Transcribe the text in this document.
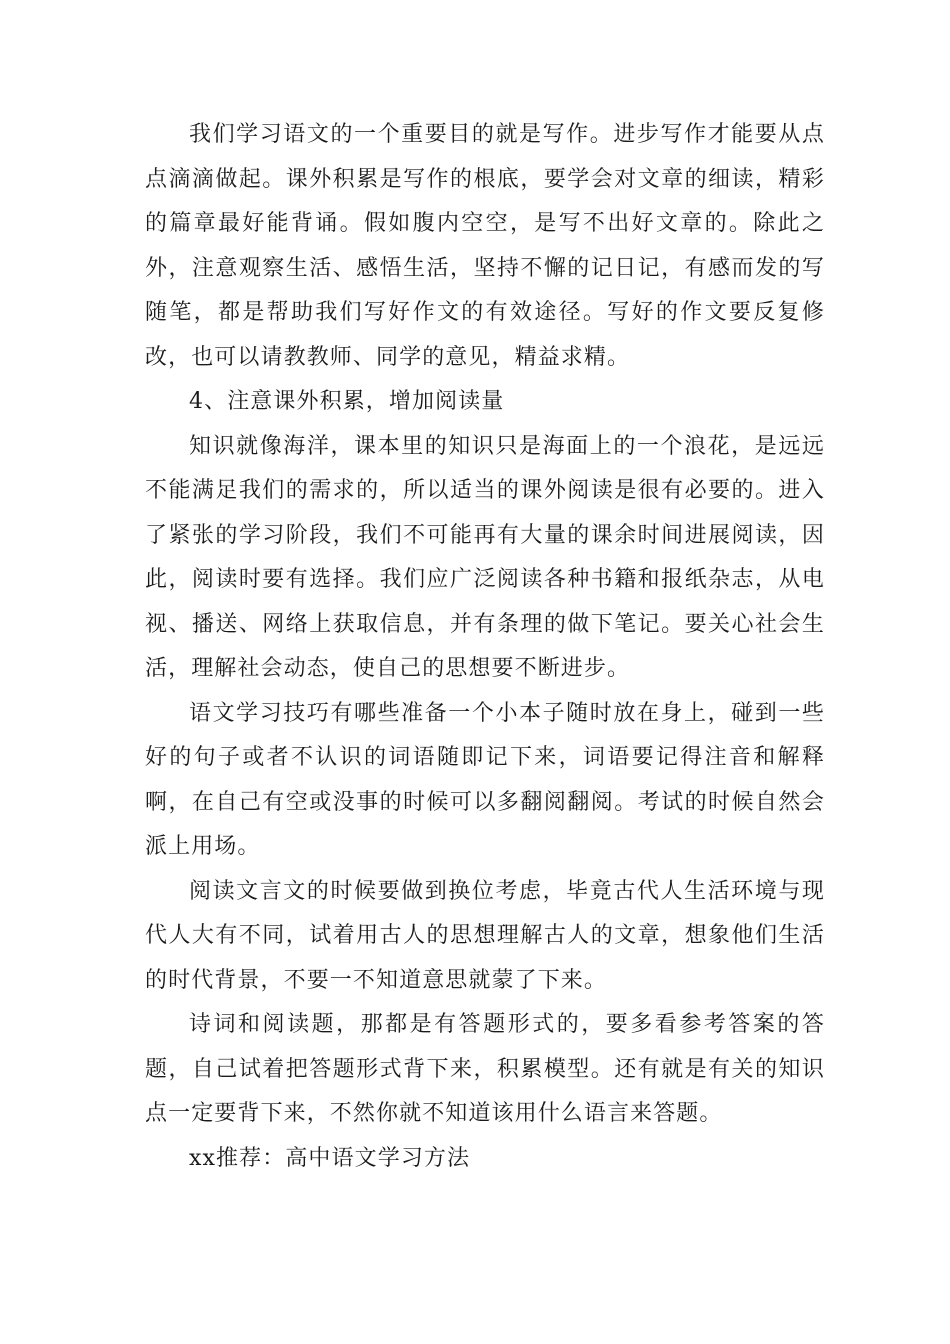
我们学习语文的一个重要目的就是写作。进步写作才能要从点点滴滴做起。课外积累是写作的根底，要学会对文章的细读，精彩的篇章最好能背诵。假如腹内空空，是写不出好文章的。除此之外，注意观察生活、感悟生活，坚持不懈的记日记，有感而发的写随笔，都是帮助我们写好作文的有效途径。写好的作文要反复修改，也可以请教教师、同学的意见，精益求精。

4、注意课外积累，增加阅读量

知识就像海洋，课本里的知识只是海面上的一个浪花，是远远不能满足我们的需求的，所以适当的课外阅读是很有必要的。进入了紧张的学习阶段，我们不可能再有大量的课余时间进展阅读，因此，阅读时要有选择。我们应广泛阅读各种书籍和报纸杂志，从电视、播送、网络上获取信息，并有条理的做下笔记。要关心社会生活，理解社会动态，使自己的思想要不断进步。

语文学习技巧有哪些准备一个小本子随时放在身上，碰到一些好的句子或者不认识的词语随即记下来，词语要记得注音和解释啊，在自己有空或没事的时候可以多翻阅翻阅。考试的时候自然会派上用场。

阅读文言文的时候要做到换位考虑，毕竟古代人生活环境与现代人大有不同，试着用古人的思想理解古人的文章，想象他们生活的时代背景，不要一不知道意思就蒙了下来。

诗词和阅读题，那都是有答题形式的，要多看参考答案的答题，自己试着把答题形式背下来，积累模型。还有就是有关的知识点一定要背下来，不然你就不知道该用什么语言来答题。

xx推荐：高中语文学习方法
